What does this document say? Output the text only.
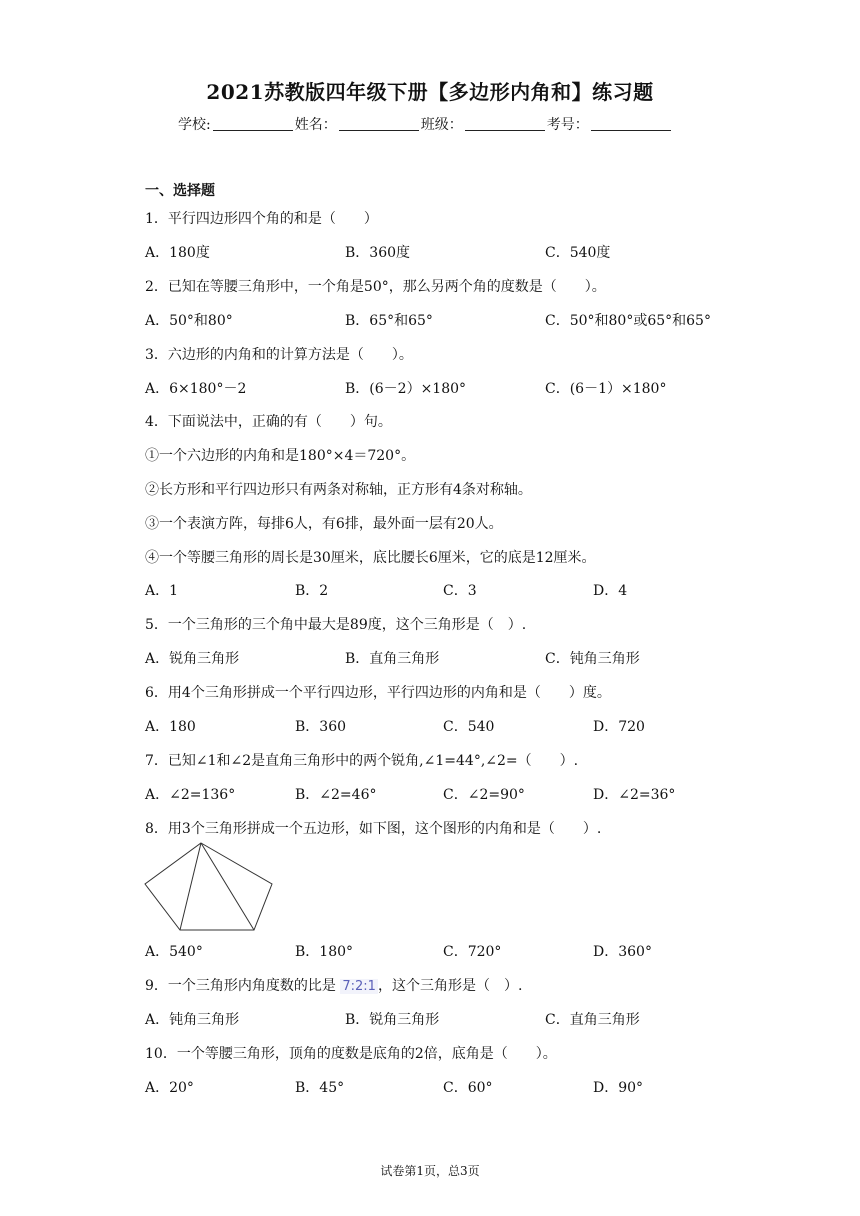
2021苏教版四年级下册【多边形内角和】练习题
学校:	姓名：	班级：	考号：
一、选择题
1．平行四边形四个角的和是（　　）
A．180度	B．360度	C．540度
2．已知在等腰三角形中，一个角是50°，那么另两个角的度数是（　　）。
A．50°和80°	B．65°和65°	C．50°和80°或65°和65°
3．六边形的内角和的计算方法是（　　）。
A．6×180°－2	B．(6－2）×180°	C．(6－1）×180°
4．下面说法中，正确的有（　　）句。
①一个六边形的内角和是180°×4＝720°。
②长方形和平行四边形只有两条对称轴，正方形有4条对称轴。
③一个表演方阵，每排6人，有6排，最外面一层有20人。
④一个等腰三角形的周长是30厘米，底比腰长6厘米，它的底是12厘米。
A．1	B．2	C．3	D．4
5．一个三角形的三个角中最大是89度，这个三角形是（　）.
A．锐角三角形	B．直角三角形	C．钝角三角形
6．用4个三角形拼成一个平行四边形，平行四边形的内角和是（　　）度。
A．180	B．360	C．540	D．720
7．已知∠1和∠2是直角三角形中的两个锐角,∠1=44°,∠2=（　　）.
A．∠2=136°	B．∠2=46°	C．∠2=90°	D．∠2=36°
8．用3个三角形拼成一个五边形，如下图，这个图形的内角和是（　　）.
A．540°	B．180°	C．720°	D．360°
9．一个三角形内角度数的比是 7:2:1 ，这个三角形是（　）.
A．钝角三角形	B．锐角三角形	C．直角三角形
10．一个等腰三角形，顶角的度数是底角的2倍，底角是（　　）。
A．20°	B．45°	C．60°	D．90°
试卷第1页，总3页
